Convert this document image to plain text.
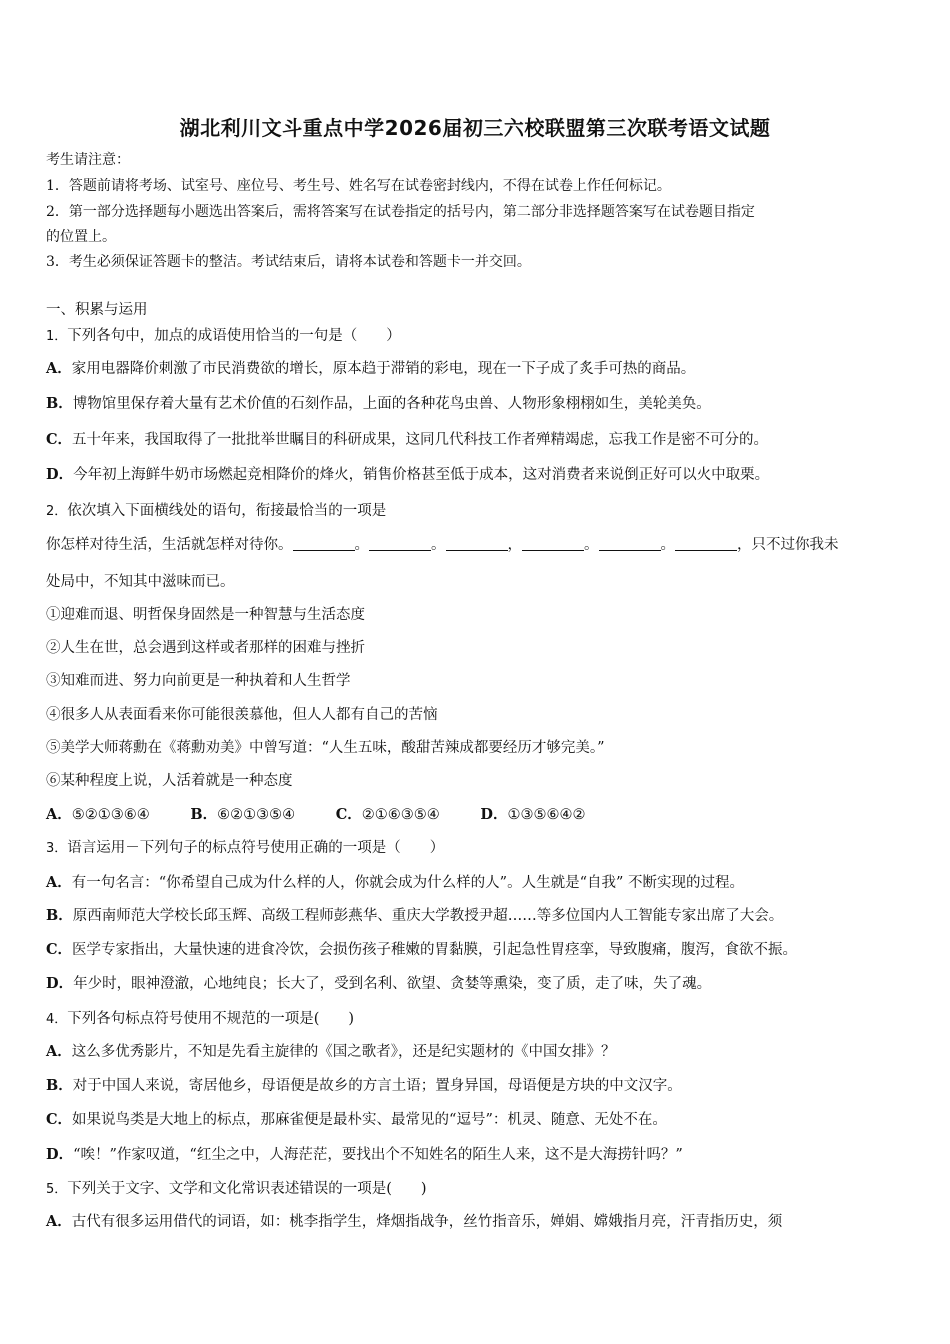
湖北利川文斗重点中学2026届初三六校联盟第三次联考语文试题
考生请注意：
1．答题前请将考场、试室号、座位号、考生号、姓名写在试卷密封线内，不得在试卷上作任何标记。
2．第一部分选择题每小题选出答案后，需将答案写在试卷指定的括号内，第二部分非选择题答案写在试卷题目指定
的位置上。
3．考生必须保证答题卡的整洁。考试结束后，请将本试卷和答题卡一并交回。
一、积累与运用
1．下列各句中，加点的成语使用恰当的一句是（　　）
A．家用电器降价刺激了市民消费欲的增长，原本趋于滞销的彩电，现在一下子成了炙手可热的商品。
B．博物馆里保存着大量有艺术价值的石刻作品，上面的各种花鸟虫兽、人物形象栩栩如生，美轮美奂。
C．五十年来，我国取得了一批批举世瞩目的科研成果，这同几代科技工作者殚精竭虑，忘我工作是密不可分的。
D．今年初上海鲜牛奶市场燃起竞相降价的烽火，销售价格甚至低于成本，这对消费者来说倒正好可以火中取栗。
2．依次填入下面横线处的语句，衔接最恰当的一项是
你怎样对待生活，生活就怎样对待你。	。	。	，	。	。	，只不过你我未
处局中，不知其中滋味而已。
①迎难而退、明哲保身固然是一种智慧与生活态度
②人生在世，总会遇到这样或者那样的困难与挫折
③知难而进、努力向前更是一种执着和人生哲学
④很多人从表面看来你可能很羡慕他，但人人都有自己的苦恼
⑤美学大师蒋勳在《蒋勳劝美》中曾写道：“人生五味，酸甜苦辣成都要经历才够完美。”
⑥某种程度上说，人活着就是一种态度
A．⑤②①③⑥④	B．⑥②①③⑤④	C．②①⑥③⑤④	D．①③⑤⑥④②
3．语言运用－下列句子的标点符号使用正确的一项是（　　）
A．有一句名言：“你希望自己成为什么样的人，你就会成为什么样的人”。人生就是“自我” 不断实现的过程。
B．原西南师范大学校长邱玉辉、高级工程师彭燕华、重庆大学教授尹超……等多位国内人工智能专家出席了大会。
C．医学专家指出，大量快速的进食冷饮，会损伤孩子稚嫩的胃黏膜，引起急性胃痉挛，导致腹痛，腹泻，食欲不振。
D．年少时，眼神澄澈，心地纯良；长大了，受到名利、欲望、贪婪等熏染，变了质，走了味，失了魂。
4．下列各句标点符号使用不规范的一项是(　　)
A．这么多优秀影片，不知是先看主旋律的《国之歌者》，还是纪实题材的《中国女排》？
B．对于中国人来说，寄居他乡，母语便是故乡的方言土语；置身异国，母语便是方块的中文汉字。
C．如果说鸟类是大地上的标点，那麻雀便是最朴实、最常见的“逗号”：机灵、随意、无处不在。
D．“唉！”作家叹道，“红尘之中，人海茫茫，要找出个不知姓名的陌生人来，这不是大海捞针吗？”
5．下列关于文字、文学和文化常识表述错误的一项是(　　)
A．古代有很多运用借代的词语，如：桃李指学生，烽烟指战争，丝竹指音乐，婵娟、嫦娥指月亮，汗青指历史，须
